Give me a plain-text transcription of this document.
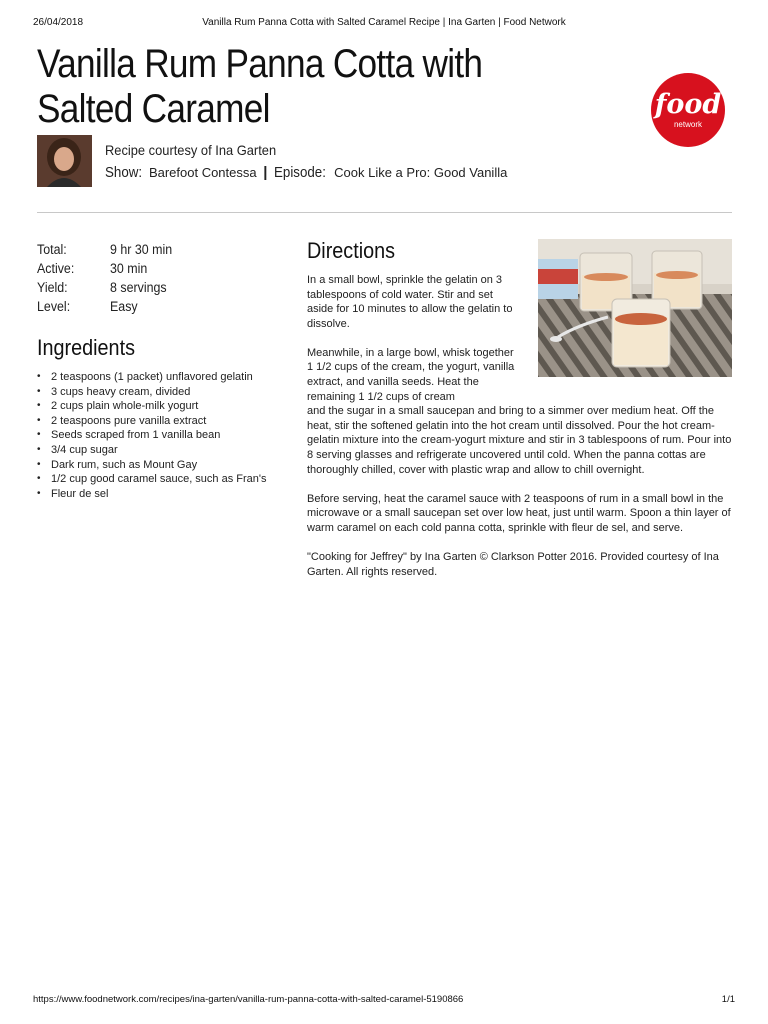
26/04/2018	Vanilla Rum Panna Cotta with Salted Caramel Recipe | Ina Garten | Food Network
Vanilla Rum Panna Cotta with
Salted Caramel	food
network
Recipe courtesy of Ina Garten
Show: Barefoot Contessa | Episode: Cook Like a Pro: Good Vanilla
Total:	9 hr 30 min
Active:	30 min
Yield:	8 servings
Level:	Easy
Ingredients
• 2 teaspoons (1 packet) unflavored gelatin
• 3 cups heavy cream, divided
• 2 cups plain whole-milk yogurt
• 2 teaspoons pure vanilla extract
• Seeds scraped from 1 vanilla bean
• 3/4 cup sugar
• Dark rum, such as Mount Gay
• 1/2 cup good caramel sauce, such as Fran's
• Fleur de sel
Directions

In a small bowl, sprinkle the gelatin on 3 tablespoons of cold water. Stir and set aside for 10 minutes to allow the gelatin to dissolve.

Meanwhile, in a large bowl, whisk together 1 1/2 cups of the cream, the yogurt, vanilla extract, and vanilla seeds. Heat the remaining 1 1/2 cups of cream
and the sugar in a small saucepan and bring to a simmer over medium heat. Off the heat, stir the softened gelatin into the hot cream until dissolved. Pour the hot cream-gelatin mixture into the cream-yogurt mixture and stir in 3 tablespoons of rum. Pour into 8 serving glasses and refrigerate uncovered until cold. When the panna cottas are thoroughly chilled, cover with plastic wrap and allow to chill overnight.

Before serving, heat the caramel sauce with 2 teaspoons of rum in a small bowl in the microwave or a small saucepan set over low heat, just until warm. Spoon a thin layer of warm caramel on each cold panna cotta, sprinkle with fleur de sel, and serve.

"Cooking for Jeffrey" by Ina Garten © Clarkson Potter 2016. Provided courtesy of Ina Garten. All rights reserved.

https://www.foodnetwork.com/recipes/ina-garten/vanilla-rum-panna-cotta-with-salted-caramel-5190866	1/1
